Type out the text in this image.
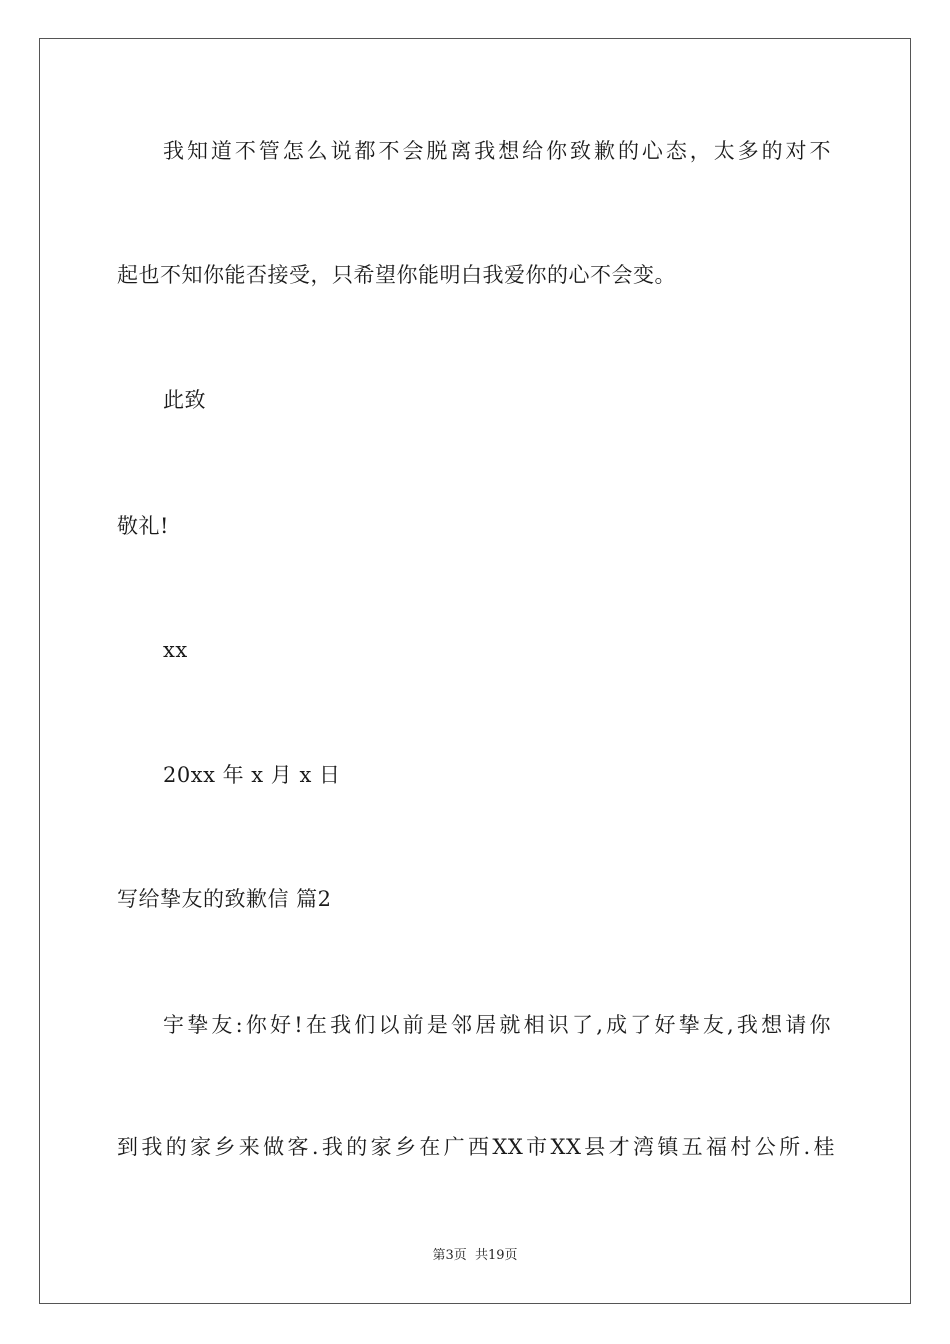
我知道不管怎么说都不会脱离我想给你致歉的心态，太多的对不
起也不知你能否接受，只希望你能明白我爱你的心不会变。
此致
敬礼!
xx
20xx 年 x 月 x 日
写给挚友的致歉信 篇2
宇挚友:你好!在我们以前是邻居就相识了,成了好挚友,我想请你
到我的家乡来做客.我的家乡在广西XX市XX县才湾镇五福村公所.桂
第3页  共19页
